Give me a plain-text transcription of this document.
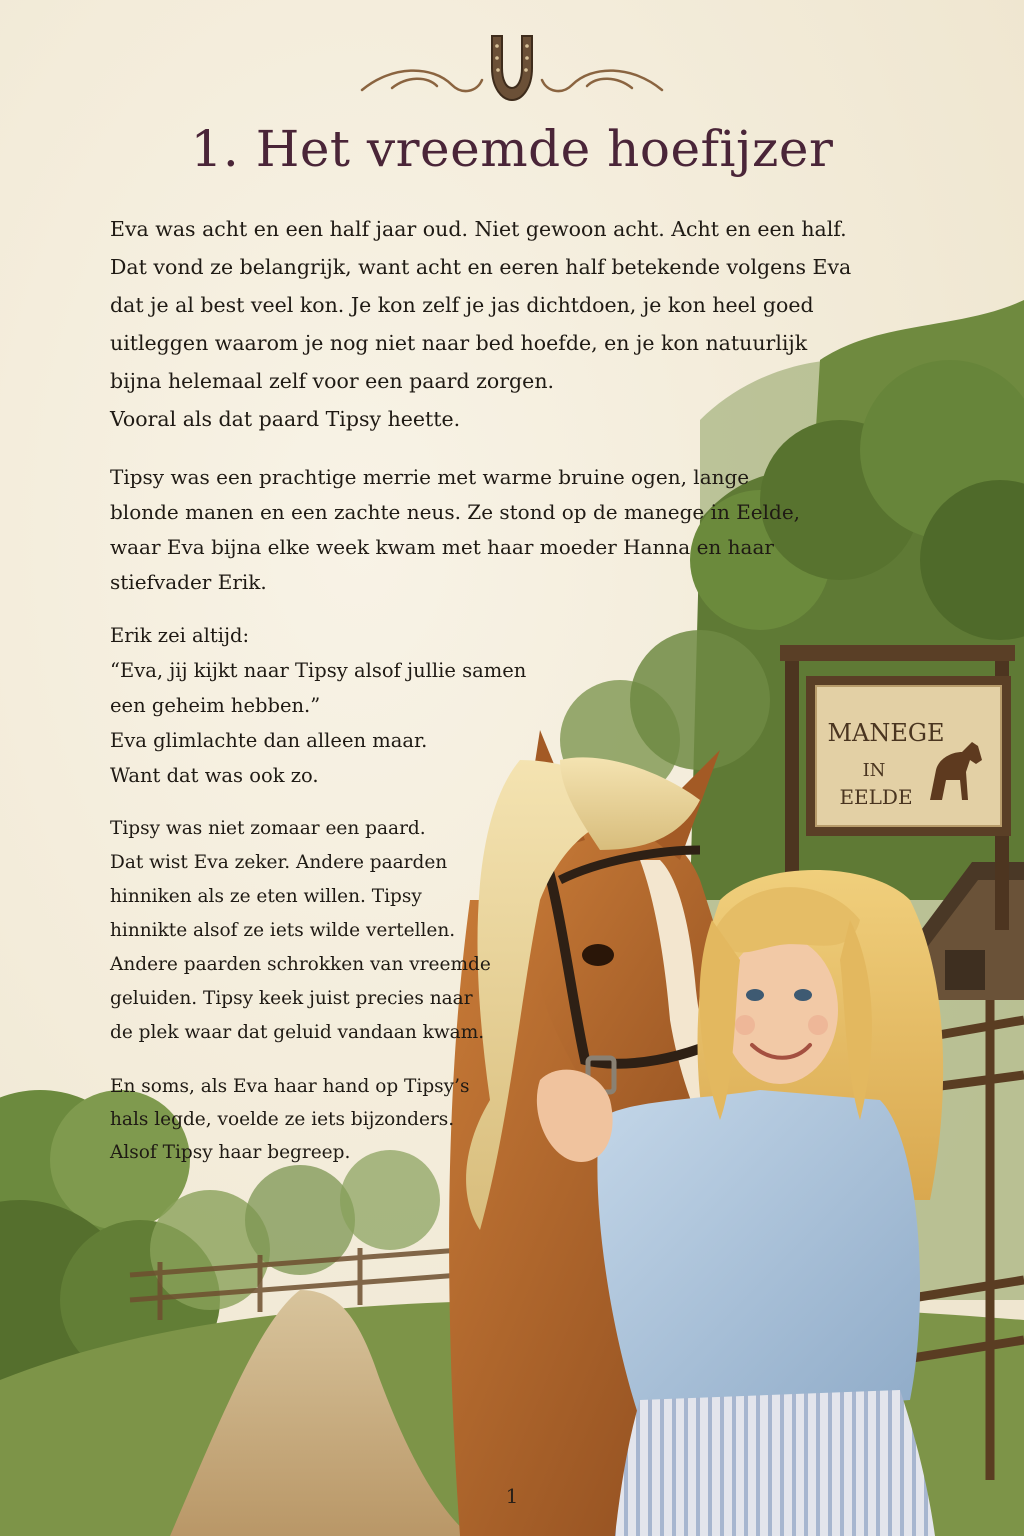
1. Het vreemde hoefijzer
Eva was acht en een half jaar oud. Niet gewoon acht. Acht en een half.
Dat vond ze belangrijk, want acht en eeren half betekende volgens Eva
dat je al best veel kon. Je kon zelf je jas dichtdoen, je kon heel goed
uitleggen waarom je nog niet naar bed hoefde, en je kon natuurlijk
bijna helemaal zelf voor een paard zorgen.
Vooral als dat paard Tipsy heette.
Tipsy was een prachtige merrie met warme bruine ogen, lange
blonde manen en een zachte neus. Ze stond op de manege in Eelde,
waar Eva bijna elke week kwam met haar moeder Hanna en haar
stiefvader Erik.
Erik zei altijd:
“Eva, jij kijkt naar Tipsy alsof jullie samen
een geheim hebben.”
Eva glimlachte dan alleen maar.
Want dat was ook zo.
Tipsy was niet zomaar een paard.
Dat wist Eva zeker. Andere paarden
hinniken als ze eten willen. Tipsy
hinnikte alsof ze iets wilde vertellen.
Andere paarden schrokken van vreemde
geluiden. Tipsy keek juist precies naar
de plek waar dat geluid vandaan kwam.
En soms, als Eva haar hand op Tipsy’s
hals legde, voelde ze iets bijzonders.
Alsof Tipsy haar begreep.
MANEGE
IN
EELDE
1
